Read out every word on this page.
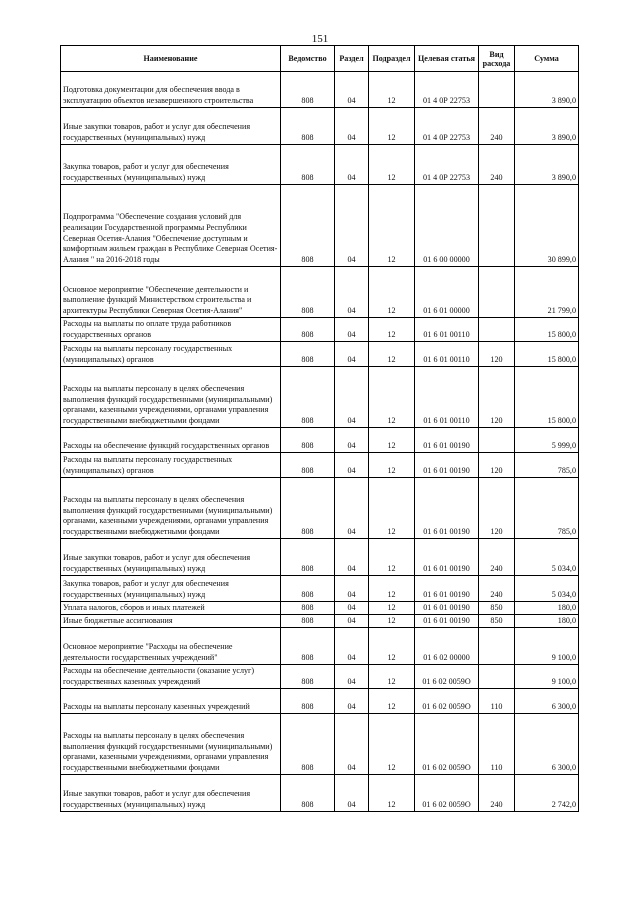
151
Наименование	Ведомство	Раздел	Подраздел	Целевая статья	Вид расхода	Сумма
Подготовка документации для обеспечения ввода в эксплуатацию объектов незавершенного строительства	808	04	12	01 4 0Р 22753		3 890,0
Иные закупки товаров, работ и услуг для обеспечения государственных (муниципальных) нужд	808	04	12	01 4 0Р 22753	240	3 890,0
Закупка товаров, работ и услуг для обеспечения государственных (муниципальных) нужд	808	04	12	01 4 0Р 22753	240	3 890,0
Подпрограмма "Обеспечение создания условий для реализации Государственной программы Республики Северная Осетия-Алания "Обеспечение доступным и комфортным жильем граждан в Республике Северная Осетия-Алания " на 2016-2018 годы	808	04	12	01 6 00 00000		30 899,0
Основное мероприятие "Обеспечение деятельности и выполнение функций Министерством строительства и архитектуры Республики Северная Осетия-Алания"	808	04	12	01 6 01 00000		21 799,0
Расходы на выплаты по оплате труда работников государственных органов	808	04	12	01 6 01 00110		15 800,0
Расходы на выплаты персоналу государственных (муниципальных) органов	808	04	12	01 6 01 00110	120	15 800,0
Расходы на выплаты персоналу в целях обеспечения выполнения функций государственными (муниципальными) органами, казенными учреждениями, органами управления государственными внебюджетными фондами	808	04	12	01 6 01 00110	120	15 800,0
Расходы на обеспечение функций государственных органов	808	04	12	01 6 01 00190		5 999,0
Расходы на выплаты персоналу государственных (муниципальных) органов	808	04	12	01 6 01 00190	120	785,0
Расходы на выплаты персоналу в целях обеспечения выполнения функций государственными (муниципальными) органами, казенными учреждениями, органами управления государственными внебюджетными фондами	808	04	12	01 6 01 00190	120	785,0
Иные закупки товаров, работ и услуг для обеспечения государственных (муниципальных) нужд	808	04	12	01 6 01 00190	240	5 034,0
Закупка товаров, работ и услуг для обеспечения государственных (муниципальных) нужд	808	04	12	01 6 01 00190	240	5 034,0
Уплата налогов, сборов и иных платежей	808	04	12	01 6 01 00190	850	180,0
Иные бюджетные ассигнования	808	04	12	01 6 01 00190	850	180,0
Основное мероприятие "Расходы на обеспечение деятельности государственных учреждений"	808	04	12	01 6 02 00000		9 100,0
Расходы на обеспечение деятельности (оказание услуг) государственных казенных учреждений	808	04	12	01 6 02 0059О		9 100,0
Расходы на выплаты персоналу казенных учреждений	808	04	12	01 6 02 0059О	110	6 300,0
Расходы на выплаты персоналу в целях обеспечения выполнения функций государственными (муниципальными) органами, казенными учреждениями, органами управления государственными внебюджетными фондами	808	04	12	01 6 02 0059О	110	6 300,0
Иные закупки товаров, работ и услуг для обеспечения государственных (муниципальных) нужд	808	04	12	01 6 02 0059О	240	2 742,0
